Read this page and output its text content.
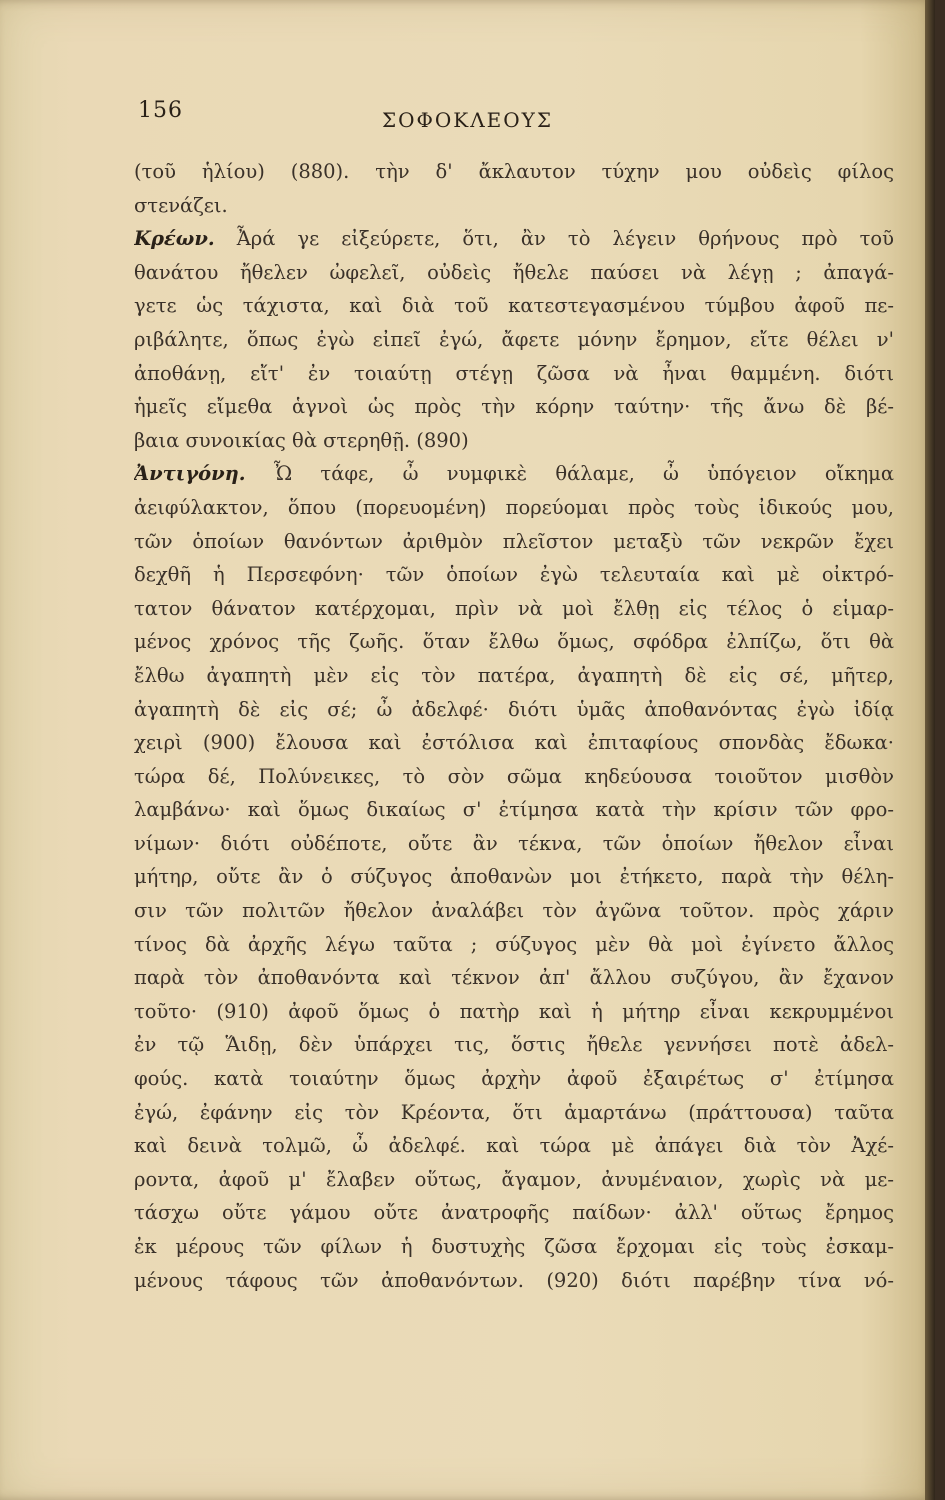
156	ΣΟΦΟΚΛΕΟΥΣ
(τοῦ ἡλίου) (880). τὴν δ' ἄκλαυτον τύχην μου οὐδεὶς φίλος
στενάζει.
Κρέων. Ἆρά γε εἰξεύρετε, ὅτι, ἂν τὸ λέγειν θρήνους πρὸ τοῦ
θανάτου ἤθελεν ὠφελεῖ, οὐδεὶς ἤθελε παύσει νὰ λέγῃ ; ἀπαγά-
γετε ὡς τάχιστα, καὶ διὰ τοῦ κατεστεγασμένου τύμβου ἀφοῦ πε-
ριβάλητε, ὅπως ἐγὼ εἰπεῖ ἐγώ, ἄφετε μόνην ἔρημον, εἴτε θέλει ν'
ἀποθάνῃ, εἴτ' ἐν τοιαύτῃ στέγῃ ζῶσα νὰ ἦναι θαμμένη. διότι
ἡμεῖς εἴμεθα ἁγνοὶ ὡς πρὸς τὴν κόρην ταύτην· τῆς ἄνω δὲ βέ-
βαια συνοικίας θὰ στερηθῇ. (890)
Ἀντιγόνη. Ὦ τάφε, ὦ νυμφικὲ θάλαμε, ὦ ὑπόγειον οἴκημα
ἀειφύλακτον, ὅπου (πορευομένη) πορεύομαι πρὸς τοὺς ἰδικούς μου,
τῶν ὁποίων θανόντων ἀριθμὸν πλεῖστον μεταξὺ τῶν νεκρῶν ἔχει
δεχθῆ ἡ Περσεφόνη· τῶν ὁποίων ἐγὼ τελευταία καὶ μὲ οἰκτρό-
τατον θάνατον κατέρχομαι, πρὶν νὰ μοὶ ἔλθῃ εἰς τέλος ὁ εἱμαρ-
μένος χρόνος τῆς ζωῆς. ὅταν ἔλθω ὅμως, σφόδρα ἐλπίζω, ὅτι θὰ
ἔλθω ἀγαπητὴ μὲν εἰς τὸν πατέρα, ἀγαπητὴ δὲ εἰς σέ, μῆτερ,
ἀγαπητὴ δὲ εἰς σέ; ὦ ἀδελφέ· διότι ὑμᾶς ἀποθανόντας ἐγὼ ἰδίᾳ
χειρὶ (900) ἔλουσα καὶ ἐστόλισα καὶ ἐπιταφίους σπονδὰς ἔδωκα·
τώρα δέ, Πολύνεικες, τὸ σὸν σῶμα κηδεύουσα τοιοῦτον μισθὸν
λαμβάνω· καὶ ὅμως δικαίως σ' ἐτίμησα κατὰ τὴν κρίσιν τῶν φρο-
νίμων· διότι οὐδέποτε, οὔτε ἂν τέκνα, τῶν ὁποίων ἤθελον εἶναι
μήτηρ, οὔτε ἂν ὁ σύζυγος ἀποθανὼν μοι ἐτήκετο, παρὰ τὴν θέλη-
σιν τῶν πολιτῶν ἤθελον ἀναλάβει τὸν ἀγῶνα τοῦτον. πρὸς χάριν
τίνος δὰ ἀρχῆς λέγω ταῦτα ; σύζυγος μὲν θὰ μοὶ ἐγίνετο ἄλλος
παρὰ τὸν ἀποθανόντα καὶ τέκνον ἀπ' ἄλλου συζύγου, ἂν ἔχανον
τοῦτο· (910) ἀφοῦ ὅμως ὁ πατὴρ καὶ ἡ μήτηρ εἶναι κεκρυμμένοι
ἐν τῷ Ἅιδῃ, δὲν ὑπάρχει τις, ὅστις ἤθελε γεννήσει ποτὲ ἀδελ-
φούς. κατὰ τοιαύτην ὅμως ἀρχὴν ἀφοῦ ἐξαιρέτως σ' ἐτίμησα
ἐγώ, ἐφάνην εἰς τὸν Κρέοντα, ὅτι ἁμαρτάνω (πράττουσα) ταῦτα
καὶ δεινὰ τολμῶ, ὦ ἀδελφέ. καὶ τώρα μὲ ἀπάγει διὰ τὸν Ἀχέ-
ροντα, ἀφοῦ μ' ἔλαβεν οὕτως, ἄγαμον, ἀνυμέναιον, χωρὶς νὰ με-
τάσχω οὔτε γάμου οὔτε ἀνατροφῆς παίδων· ἀλλ' οὕτως ἔρημος
ἐκ μέρους τῶν φίλων ἡ δυστυχὴς ζῶσα ἔρχομαι εἰς τοὺς ἐσκαμ-
μένους τάφους τῶν ἀποθανόντων. (920) διότι παρέβην τίνα νό-
